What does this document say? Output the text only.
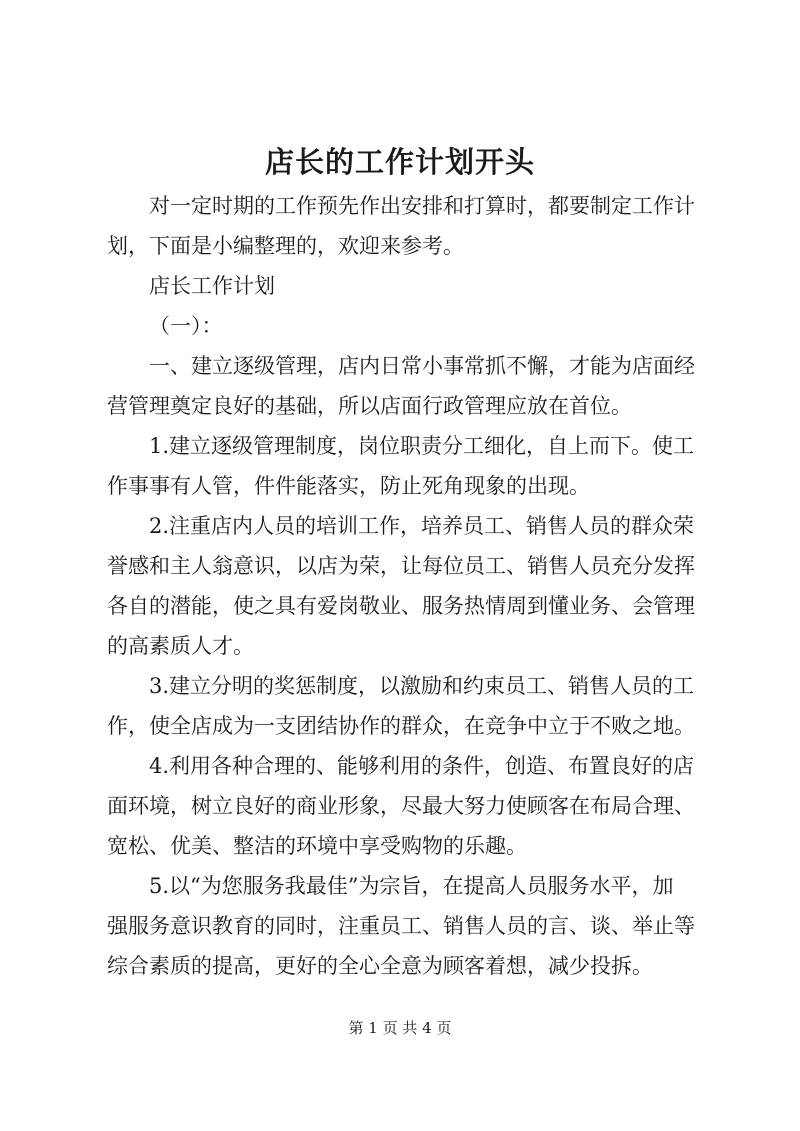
店长的工作计划开头

对一定时期的工作预先作出安排和打算时，都要制定工作计
划，下面是小编整理的，欢迎来参考。

店长工作计划

（一）：

一、建立逐级管理，店内日常小事常抓不懈，才能为店面经
营管理奠定良好的基础，所以店面行政管理应放在首位。

1.建立逐级管理制度，岗位职责分工细化，自上而下。使工
作事事有人管，件件能落实，防止死角现象的出现。

2.注重店内人员的培训工作，培养员工、销售人员的群众荣
誉感和主人翁意识，以店为荣，让每位员工、销售人员充分发挥
各自的潜能，使之具有爱岗敬业、服务热情周到懂业务、会管理
的高素质人才。

3.建立分明的奖惩制度，以激励和约束员工、销售人员的工
作，使全店成为一支团结协作的群众，在竞争中立于不败之地。

4.利用各种合理的、能够利用的条件，创造、布置良好的店
面环境，树立良好的商业形象，尽最大努力使顾客在布局合理、
宽松、优美、整洁的环境中享受购物的乐趣。

5.以“为您服务我最佳”为宗旨，在提高人员服务水平，加
强服务意识教育的同时，注重员工、销售人员的言、谈、举止等
综合素质的提高，更好的全心全意为顾客着想，减少投拆。

第 1 页 共 4 页
